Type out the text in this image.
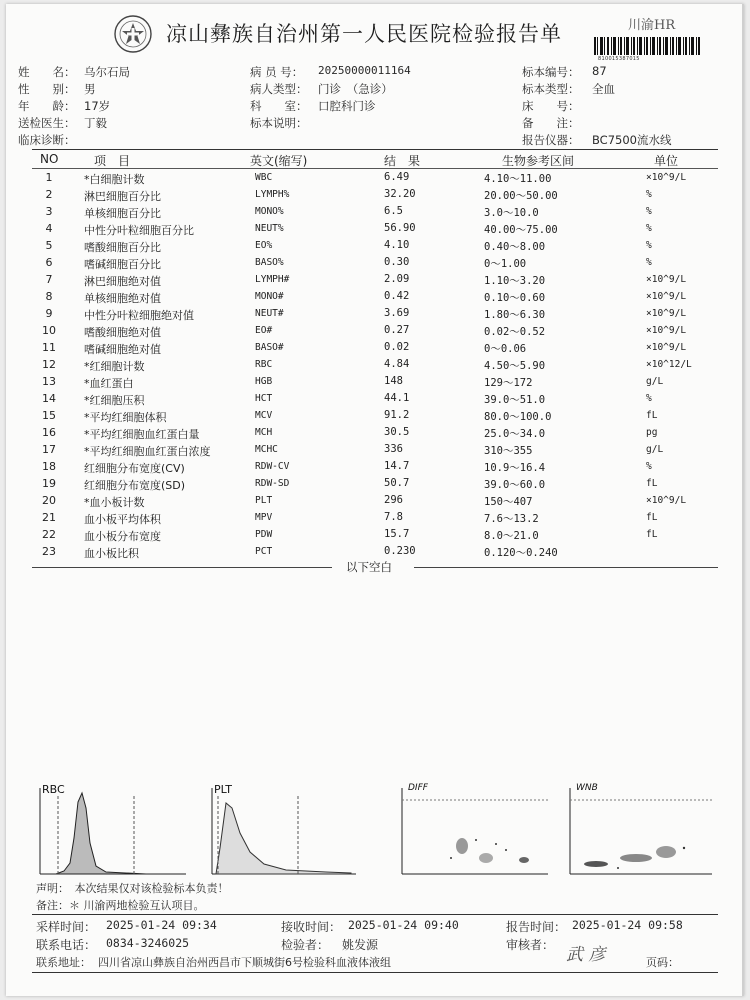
凉山彝族自治州第一人民医院检验报告单	川渝HR
810015387015
姓　　名： 乌尔石局
性　　别： 男
年　　龄： 17岁
送检医生： 丁毅
临床诊断：
病 员 号： 20250000011164
病人类型： 门诊　（急诊）
科　　室： 口腔科门诊
标本说明：
标本编号： 87
标本类型： 全血
床　　号：
备　　注：
报告仪器： BC7500流水线
NO	项　目	英文(缩写)	结　果	生物参考区间	单位
1	*白细胞计数	WBC	6.49	4.10～11.00	×10^9/L
2	淋巴细胞百分比	LYMPH%	32.20	20.00～50.00	%
3	单核细胞百分比	MONO%	6.5	3.0～10.0	%
4	中性分叶粒细胞百分比	NEUT%	56.90	40.00～75.00	%
5	嗜酸细胞百分比	EO%	4.10	0.40～8.00	%
6	嗜碱细胞百分比	BASO%	0.30	0～1.00	%
7	淋巴细胞绝对值	LYMPH#	2.09	1.10～3.20	×10^9/L
8	单核细胞绝对值	MONO#	0.42	0.10～0.60	×10^9/L
9	中性分叶粒细胞绝对值	NEUT#	3.69	1.80～6.30	×10^9/L
10	嗜酸细胞绝对值	EO#	0.27	0.02～0.52	×10^9/L
11	嗜碱细胞绝对值	BASO#	0.02	0～0.06	×10^9/L
12	*红细胞计数	RBC	4.84	4.50～5.90	×10^12/L
13	*血红蛋白	HGB	148	129～172	g/L
14	*红细胞压积	HCT	44.1	39.0～51.0	%
15	*平均红细胞体积	MCV	91.2	80.0～100.0	fL
16	*平均红细胞血红蛋白量	MCH	30.5	25.0～34.0	pg
17	*平均红细胞血红蛋白浓度	MCHC	336	310～355	g/L
18	红细胞分布宽度(CV)	RDW-CV	14.7	10.9～16.4	%
19	红细胞分布宽度(SD)	RDW-SD	50.7	39.0～60.0	fL
20	*血小板计数	PLT	296	150～407	×10^9/L
21	血小板平均体积	MPV	7.8	7.6～13.2	fL
22	血小板分布宽度	PDW	15.7	8.0～21.0	fL
23	血小板比积	PCT	0.230	0.120～0.240
以下空白
RBC	PLT	DIFF	WNB
声明：　本次结果仅对该检验标本负责！
备注：＊ 川渝两地检验互认项目。
采样时间： 2025-01-24 09:34	接收时间： 2025-01-24 09:40	报告时间： 2025-01-24 09:58
联系电话： 0834-3246025	检验者： 姚发源	审核者：
联系地址： 四川省凉山彝族自治州西昌市下顺城街6号检验科血液体液组	页码：
武 彦
